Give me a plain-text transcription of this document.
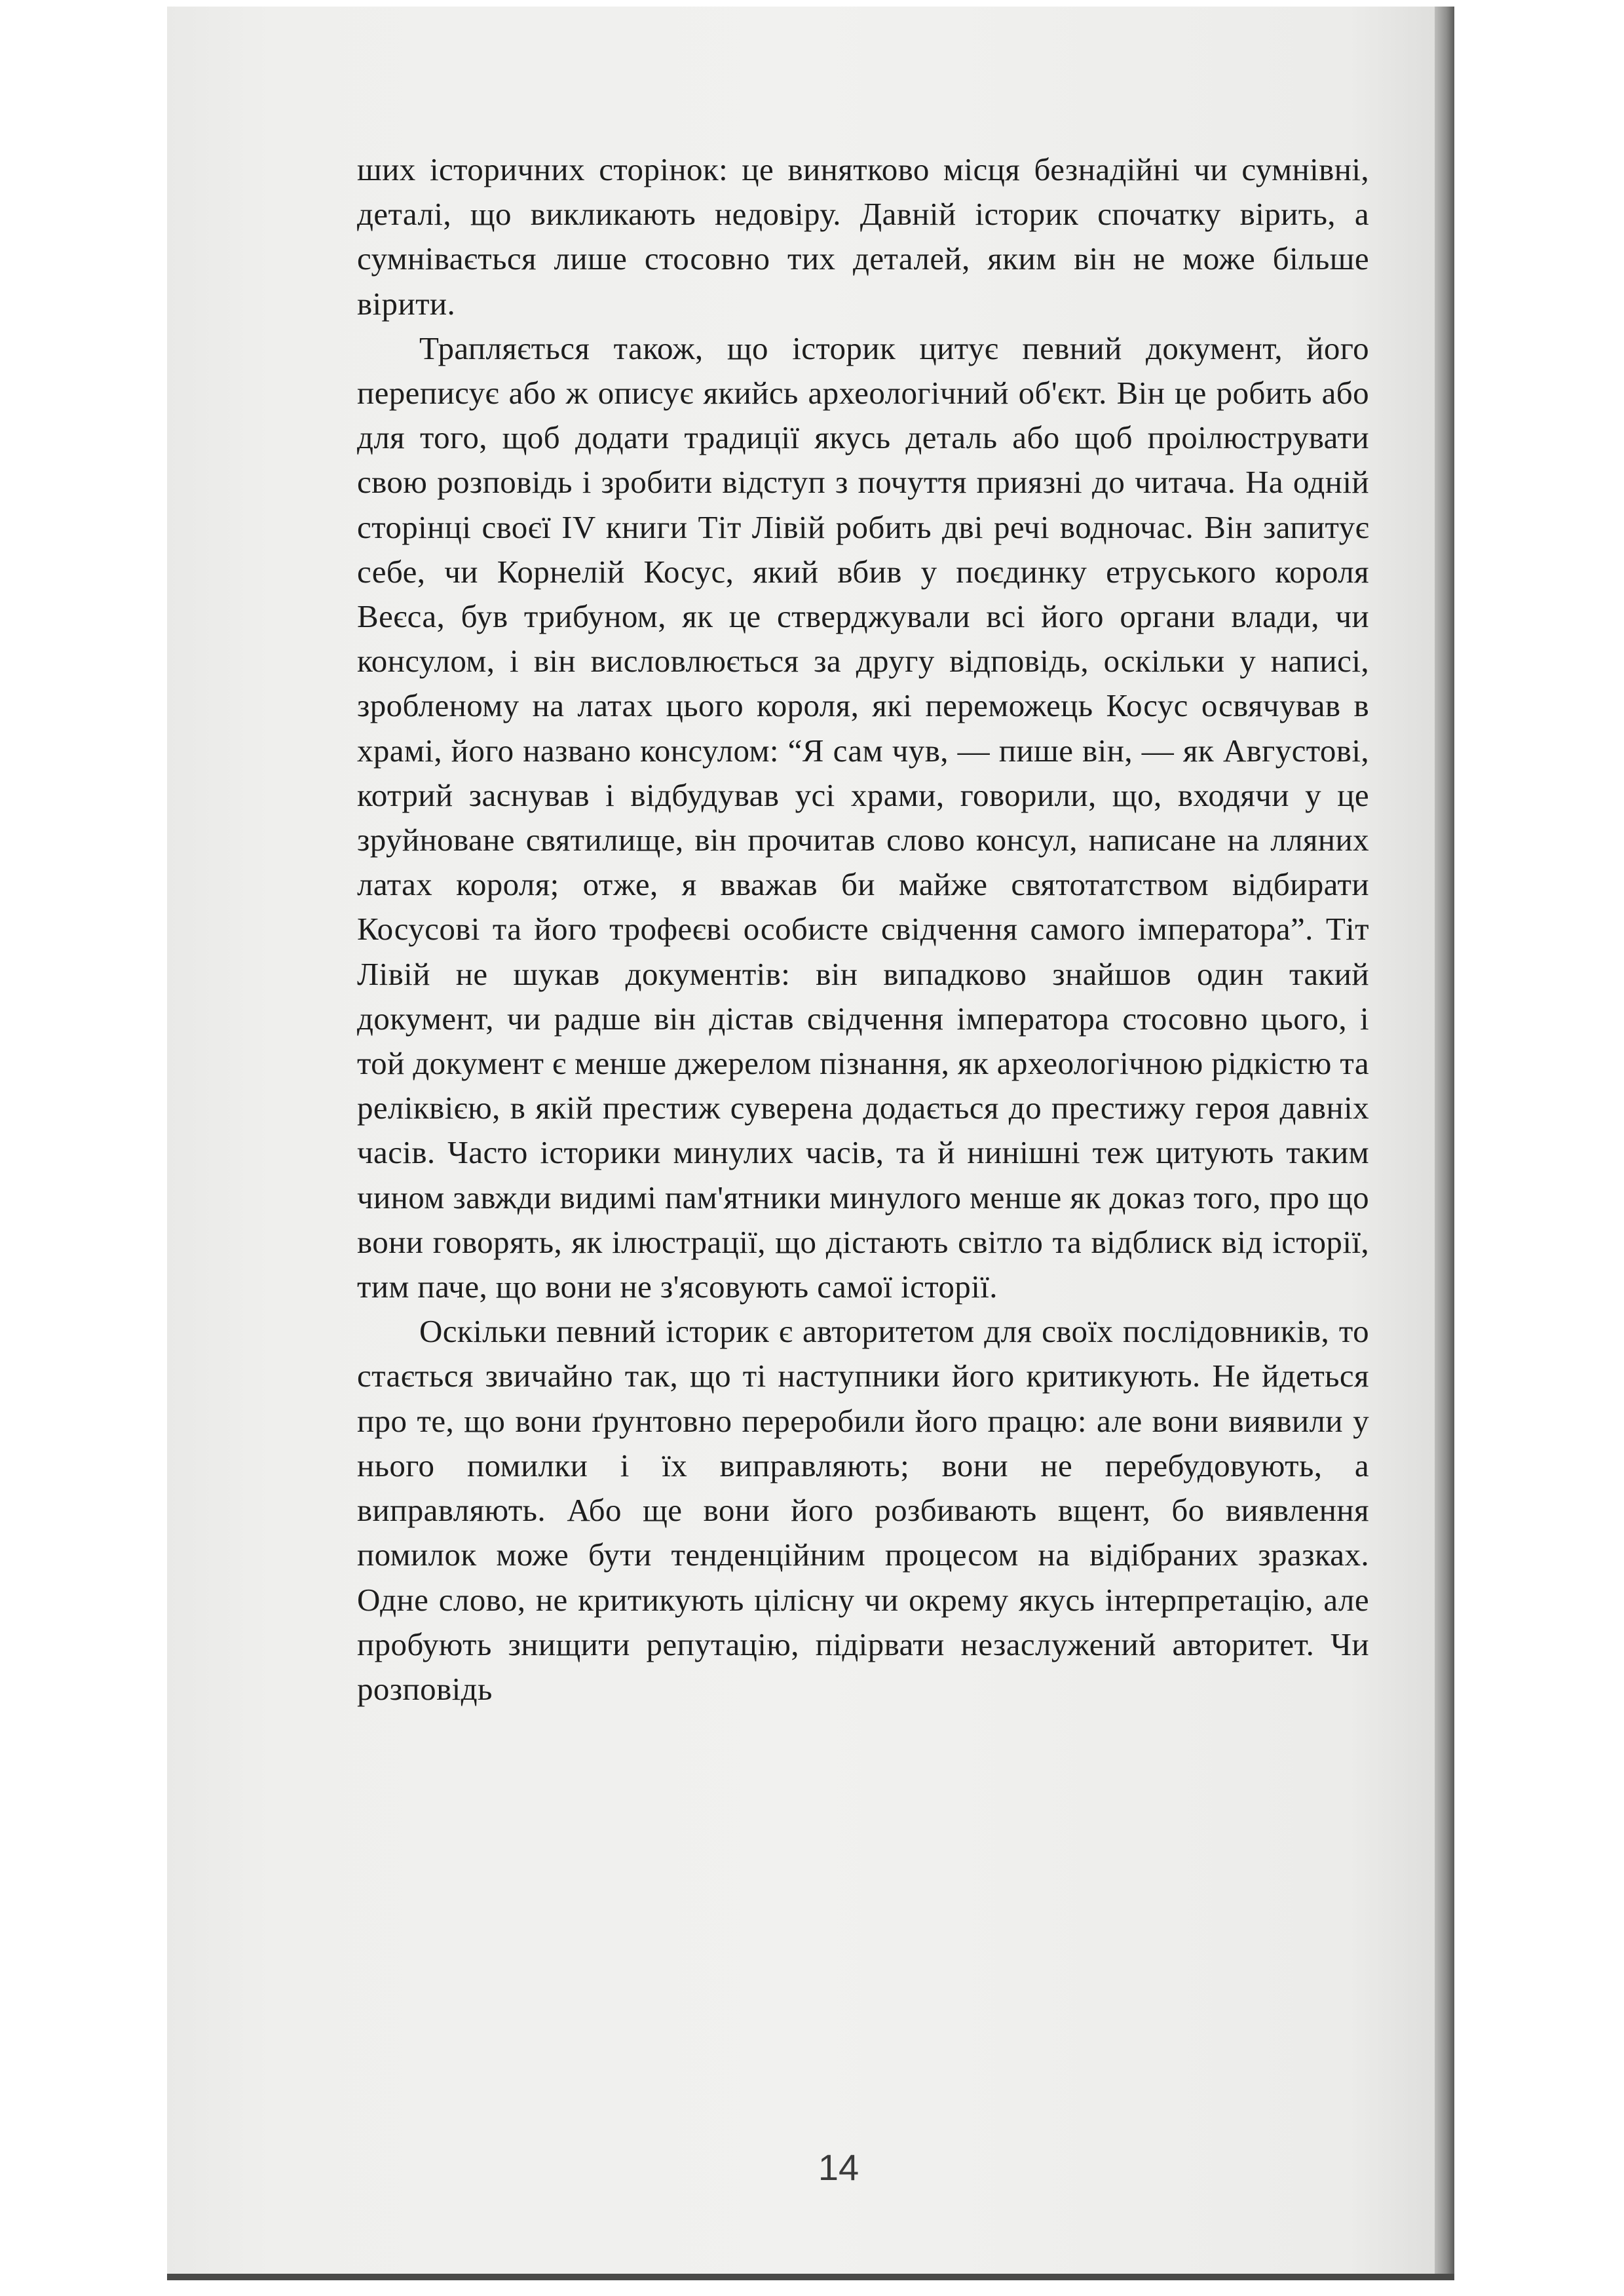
ших історичних сторінок: це винятково місця безнадійні чи сумнівні, деталі, що викликають недовіру. Давній історик спочатку вірить, а сумнівається лише стосовно тих деталей, яким він не може більше вірити.

Трапляється також, що історик цитує певний документ, його переписує або ж описує якийсь археологічний об'єкт. Він це робить або для того, щоб додати традиції якусь деталь або щоб проілюструвати свою розповідь і зробити відступ з почуття приязні до читача. На одній сторінці своєї IV книги Тіт Лівій робить дві речі водночас. Він запитує себе, чи Корнелій Косус, який вбив у поєдинку етруського короля Веєса, був трибуном, як це стверджували всі його органи влади, чи консулом, і він висловлюється за другу відповідь, оскільки у написі, зробленому на латах цього короля, які переможець Косус освячував в храмі, його названо консулом: “Я сам чув, — пише він, — як Августові, котрий заснував і відбудував усі храми, говорили, що, входячи у це зруйноване святилище, він прочитав слово консул, написане на лляних латах короля; отже, я вважав би майже святотатством відбирати Косусові та його трофеєві особисте свідчення самого імператора”. Тіт Лівій не шукав документів: він випадково знайшов один такий документ, чи радше він дістав свідчення імператора стосовно цього, і той документ є менше джерелом пізнання, як археологічною рідкістю та реліквією, в якій престиж суверена додається до престижу героя давніх часів. Часто історики минулих часів, та й нинішні теж цитують таким чином завжди видимі пам'ятники минулого менше як доказ того, про що вони говорять, як ілюстрації, що дістають світло та відблиск від історії, тим паче, що вони не з'ясовують самої історії.

Оскільки певний історик є авторитетом для своїх послідовників, то стається звичайно так, що ті наступники його критикують. Не йдеться про те, що вони ґрунтовно переробили його працю: але вони виявили у нього помилки і їх виправляють; вони не перебудовують, а виправляють. Або ще вони його розбивають вщент, бо виявлення помилок може бути тенденційним процесом на відібраних зразках. Одне слово, не критикують цілісну чи окрему якусь інтерпретацію, але пробують знищити репутацію, підірвати незаслужений авторитет. Чи розповідь

14
